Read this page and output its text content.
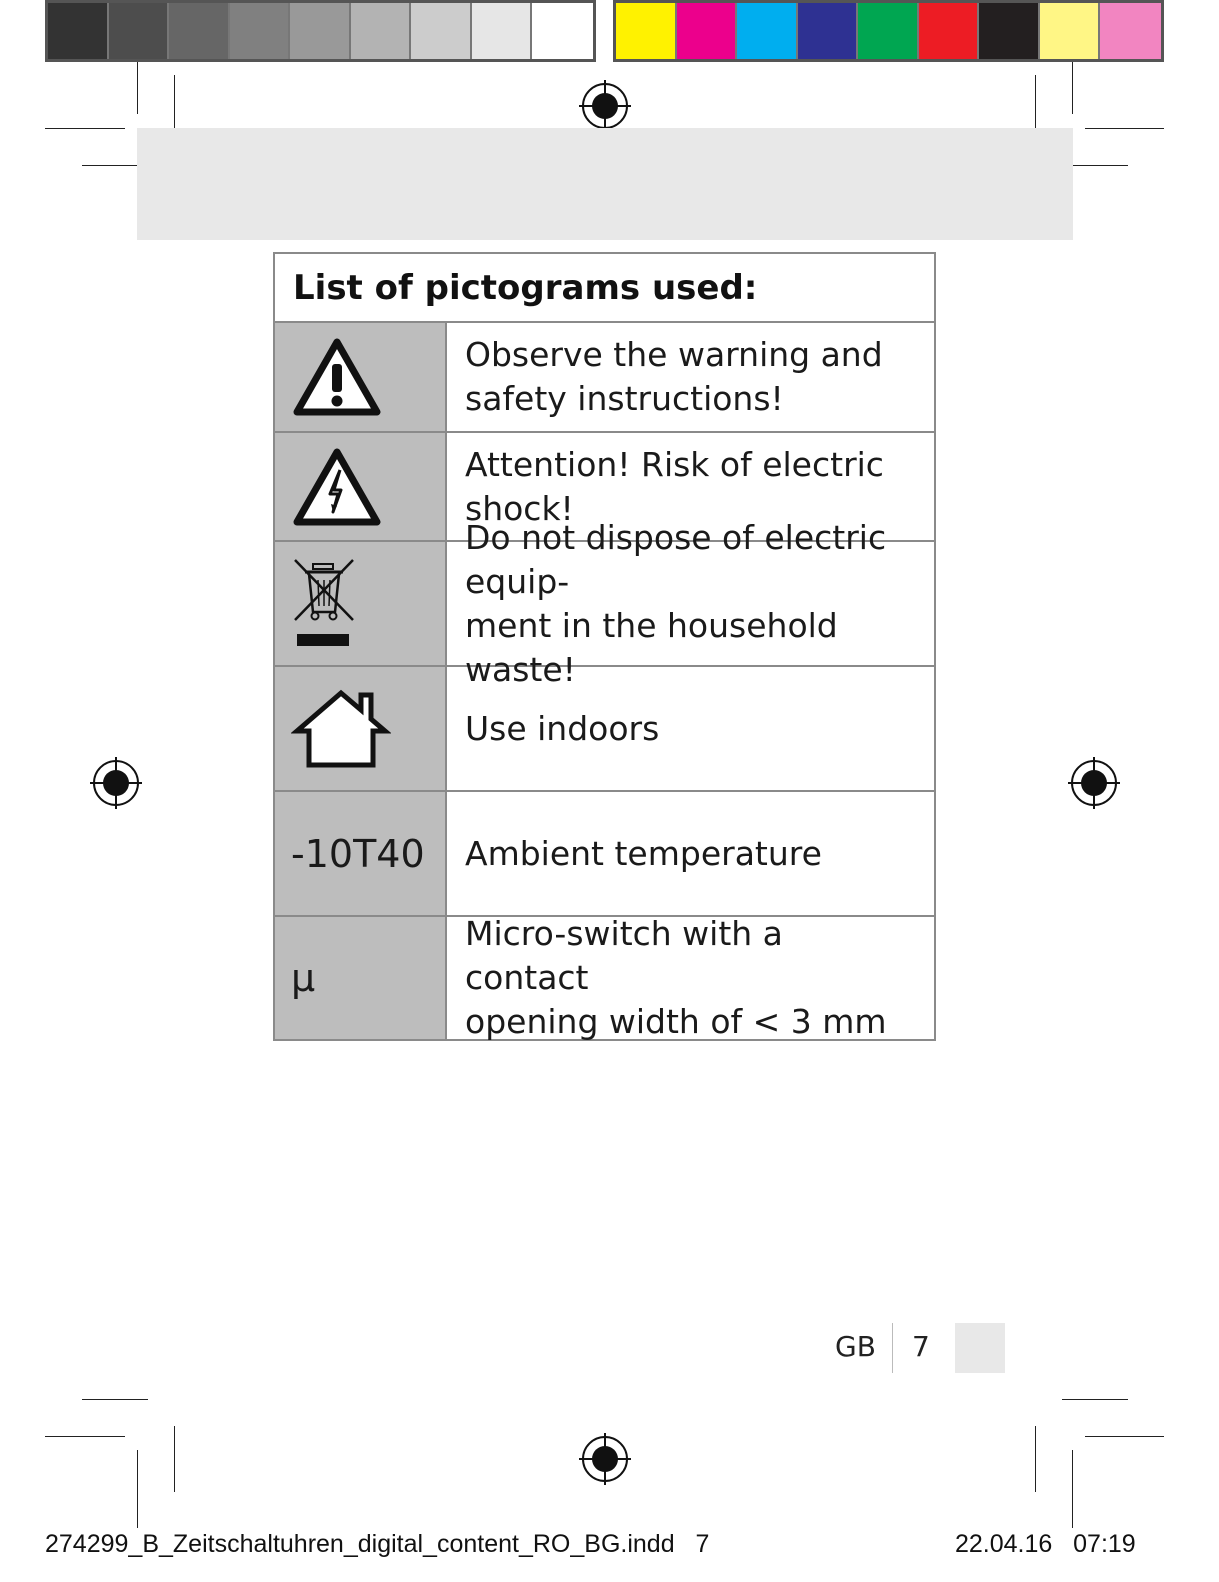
List of pictograms used:
Observe the warning and
safety instructions!
Attention! Risk of electric shock!
Do not dispose of electric equip-
ment in the household waste!
Use indoors
-10T40	Ambient temperature
μ
Micro-switch with a contact
opening width of < 3 mm
GB 7
274299_B_Zeitschaltuhren_digital_content_RO_BG.indd   7	22.04.16   07:19
